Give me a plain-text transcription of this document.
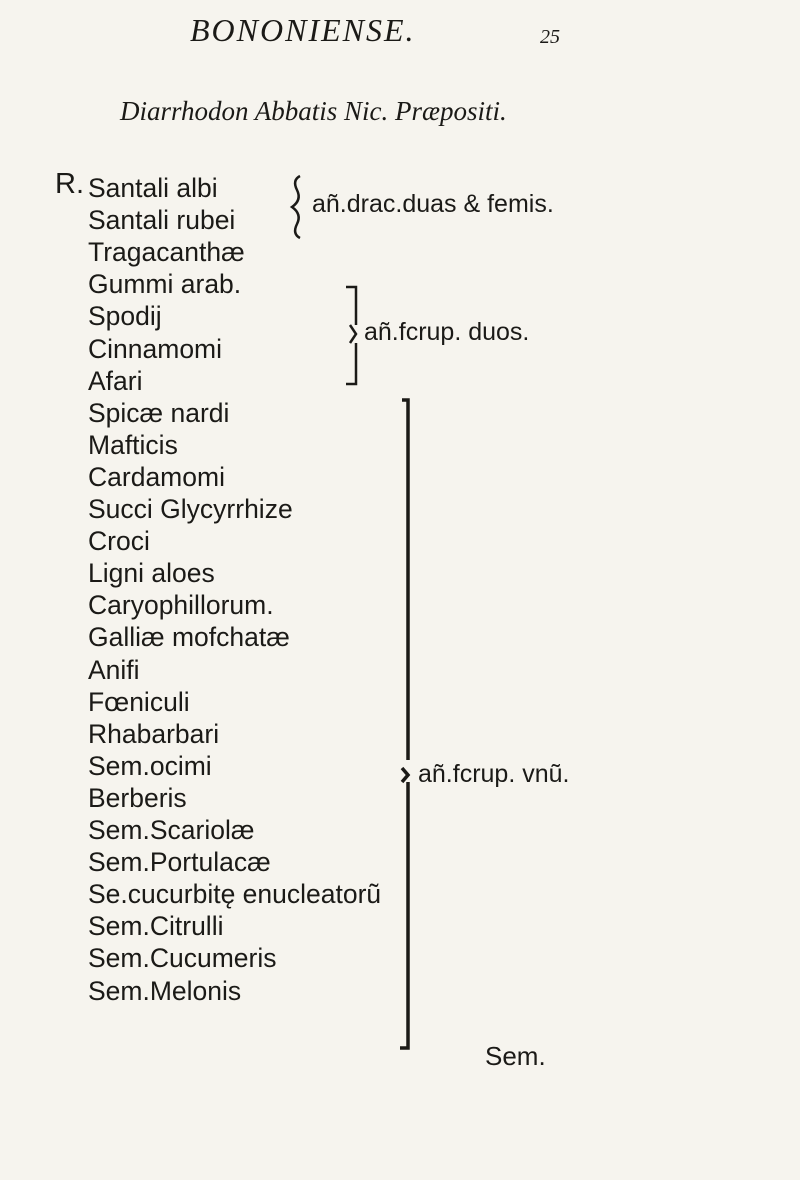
BONONIENSE.	25
Diarrhodon Abbatis Nic. Præpositi.
R. Santali albi
Santali rubei
Tragacanthæ
Gummi arab.
Spodij
Cinnamomi
Afari
Spicæ nardi
Mafticis
Cardamomi
Succi Glycyrrhize
Croci
Ligni aloes
Caryophillorum.
Galliæ mofchatæ
Anifi
Fœniculi
Rhabarbari
Sem.ocimi
Berberis
Sem.Scariolæ
Sem.Portulacæ
Se.cucurbitę enucleatorũ
Sem.Citrulli
Sem.Cucumeris
Sem.Melonis
añ.drac.duas & femis.
añ.fcrup. duos.
añ.fcrup. vnũ.
Sem.
